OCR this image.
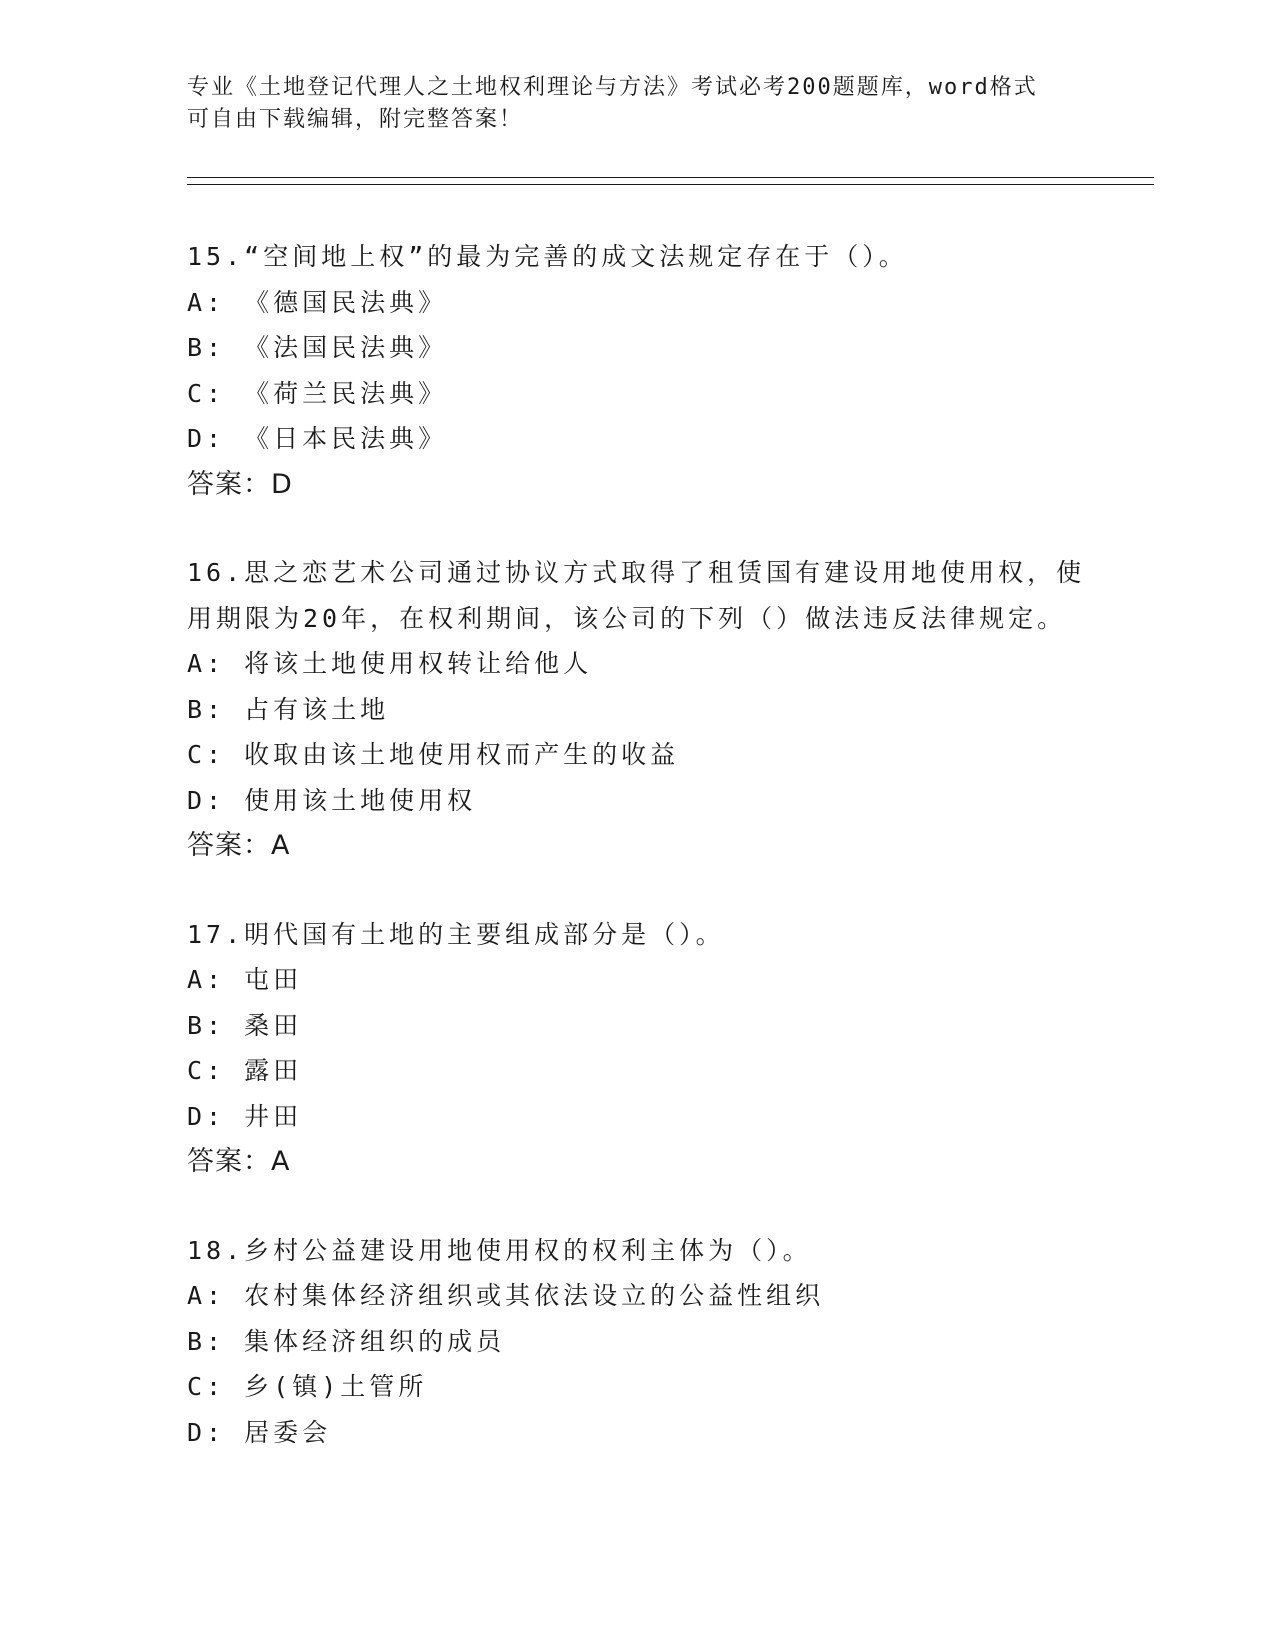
专业《土地登记代理人之土地权利理论与方法》考试必考200题题库，word格式
可自由下载编辑，附完整答案！
15.“空间地上权”的最为完善的成文法规定存在于（）。
A: 《德国民法典》
B: 《法国民法典》
C: 《荷兰民法典》
D: 《日本民法典》
答案：D
16.思之恋艺术公司通过协议方式取得了租赁国有建设用地使用权，使用期限为20年，在权利期间，该公司的下列（）做法违反法律规定。
A: 将该土地使用权转让给他人
B: 占有该土地
C: 收取由该土地使用权而产生的收益
D: 使用该土地使用权
答案：A
17.明代国有土地的主要组成部分是（）。
A: 屯田
B: 桑田
C: 露田
D: 井田
答案：A
18.乡村公益建设用地使用权的权利主体为（）。
A: 农村集体经济组织或其依法设立的公益性组织
B: 集体经济组织的成员
C: 乡(镇)土管所
D: 居委会
